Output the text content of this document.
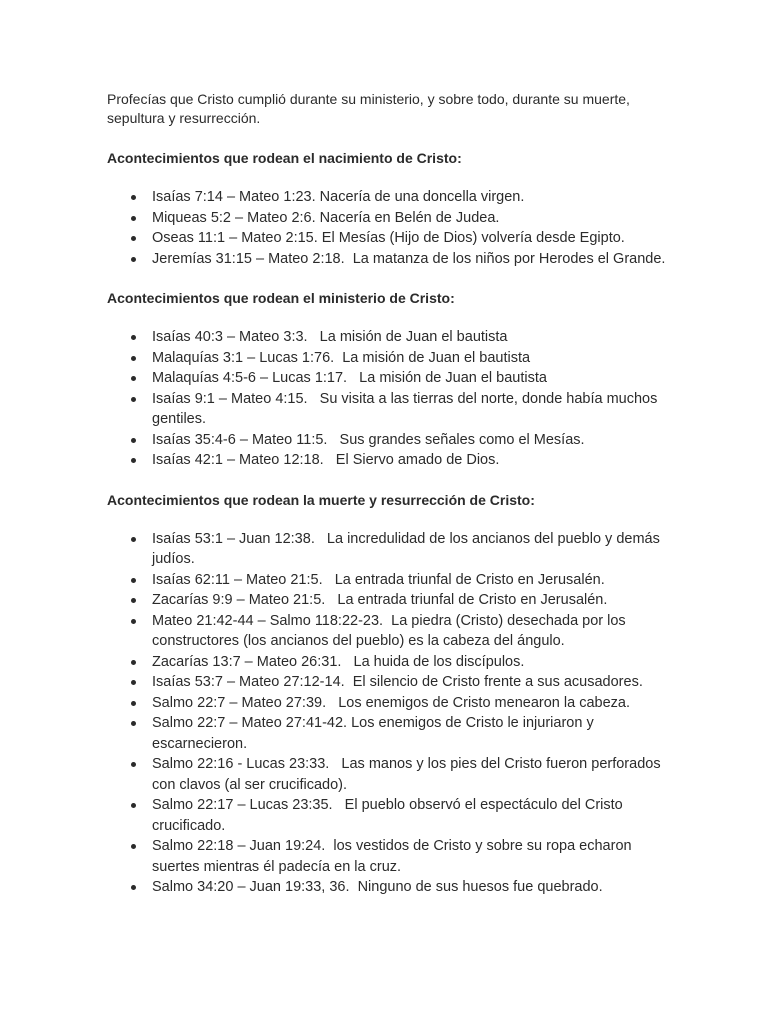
Profecías que Cristo cumplió durante su ministerio, y sobre todo, durante su muerte, sepultura y resurrección.

Acontecimientos que rodean el nacimiento de Cristo:
Isaías 7:14 – Mateo 1:23. Nacería de una doncella virgen.
Miqueas 5:2 – Mateo 2:6. Nacería en Belén de Judea.
Oseas 11:1 – Mateo 2:15. El Mesías (Hijo de Dios) volvería desde Egipto.
Jeremías 31:15 – Mateo 2:18.  La matanza de los niños por Herodes el Grande.
Acontecimientos que rodean el ministerio de Cristo:
Isaías 40:3 – Mateo 3:3.   La misión de Juan el bautista
Malaquías 3:1 – Lucas 1:76.  La misión de Juan el bautista
Malaquías 4:5-6 – Lucas 1:17.   La misión de Juan el bautista
Isaías 9:1 – Mateo 4:15.   Su visita a las tierras del norte, donde había muchos gentiles.
Isaías 35:4-6 – Mateo 11:5.   Sus grandes señales como el Mesías.
Isaías 42:1 – Mateo 12:18.   El Siervo amado de Dios.
Acontecimientos que rodean la muerte y resurrección de Cristo:
Isaías 53:1 – Juan 12:38.   La incredulidad de los ancianos del pueblo y demás judíos.
Isaías 62:11 – Mateo 21:5.   La entrada triunfal de Cristo en Jerusalén.
Zacarías 9:9 – Mateo 21:5.   La entrada triunfal de Cristo en Jerusalén.
Mateo 21:42-44 – Salmo 118:22-23.  La piedra (Cristo) desechada por los constructores (los ancianos del pueblo) es la cabeza del ángulo.
Zacarías 13:7 – Mateo 26:31.   La huida de los discípulos.
Isaías 53:7 – Mateo 27:12-14.  El silencio de Cristo frente a sus acusadores.
Salmo 22:7 – Mateo 27:39.   Los enemigos de Cristo menearon la cabeza.
Salmo 22:7 – Mateo 27:41-42. Los enemigos de Cristo le injuriaron y escarnecieron.
Salmo 22:16 - Lucas 23:33.   Las manos y los pies del Cristo fueron perforados con clavos (al ser crucificado).
Salmo 22:17 – Lucas 23:35.   El pueblo observó el espectáculo del Cristo crucificado.
Salmo 22:18 – Juan 19:24.  los vestidos de Cristo y sobre su ropa echaron suertes mientras él padecía en la cruz.
Salmo 34:20 – Juan 19:33, 36.  Ninguno de sus huesos fue quebrado.
